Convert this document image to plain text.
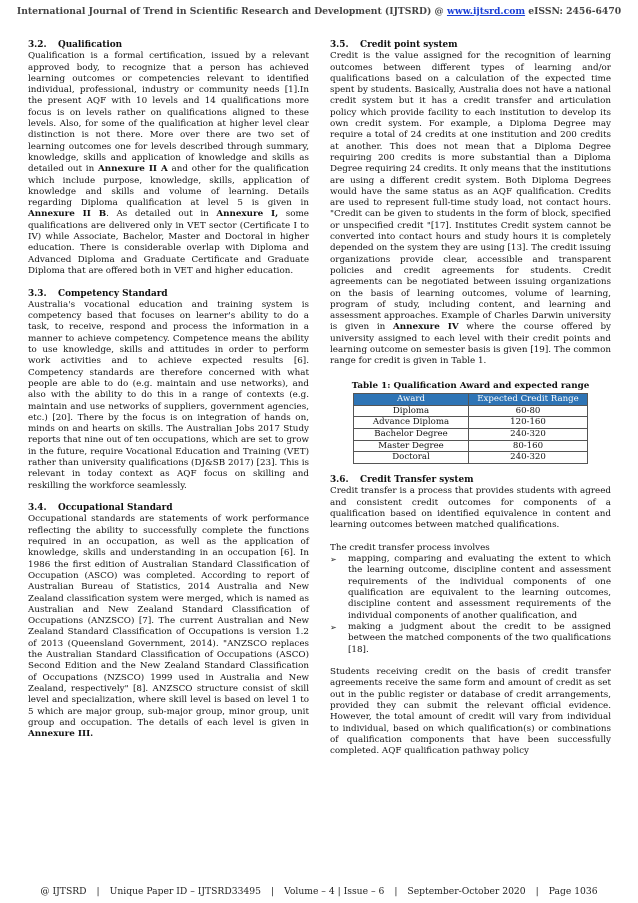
International Journal of Trend in Scientific Research and Development (IJTSRD) @ www.ijtsrd.com eISSN: 2456-6470
3.2. Qualification

Qualification is a formal certification, issued by a relevant approved body, to recognize that a person has achieved learning outcomes or competencies relevant to identified individual, professional, industry or community needs [1].In the present AQF with 10 levels and 14 qualifications more focus is on levels rather on qualifications aligned to these levels. Also, for some of the qualification at higher level clear distinction is not there. More over there are two set of learning outcomes one for levels described through summary, knowledge, skills and application of knowledge and skills as detailed out in Annexure II A and other for the qualification which include purpose, knowledge, skills, application of knowledge and skills and volume of learning. Details regarding Diploma qualification at level 5 is given in Annexure II B. As detailed out in Annexure I, some qualifications are delivered only in VET sector (Certificate I to IV) while Associate, Bachelor, Master and Doctoral in higher education. There is considerable overlap with Diploma and Advanced Diploma and Graduate Certificate and Graduate Diploma that are offered both in VET and higher education.

3.3. Competency Standard

Australia's vocational education and training system is competency based that focuses on learner's ability to do a task, to receive, respond and process the information in a manner to achieve competency. Competence means the ability to use knowledge, skills and attitudes in order to perform work activities and to achieve expected results [6]. Competency standards are therefore concerned with what people are able to do (e.g. maintain and use networks), and also with the ability to do this in a range of contexts (e.g. maintain and use networks of suppliers, government agencies, etc.) [20]. There by the focus is on integration of hands on, minds on and hearts on skills. The Australian Jobs 2017 Study reports that nine out of ten occupations, which are set to grow in the future, require Vocational Education and Training (VET) rather than university qualifications (DJ&SB 2017) [23]. This is relevant in today context as AQF focus on skilling and reskilling the workforce seamlessly.

3.4. Occupational Standard

Occupational standards are statements of work performance reflecting the ability to successfully complete the functions required in an occupation, as well as the application of knowledge, skills and understanding in an occupation [6]. In 1986 the first edition of Australian Standard Classification of Occupation (ASCO) was completed. According to report of Australian Bureau of Statistics, 2014 Australia and New Zealand classification system were merged, which is named as Australian and New Zealand Standard Classification of Occupations (ANZSCO) [7]. The current Australian and New Zealand Standard Classification of Occupations is version 1.2 of 2013 (Queensland Government, 2014). "ANZSCO replaces the Australian Standard Classification of Occupations (ASCO) Second Edition and the New Zealand Standard Classification of Occupations (NZSCO) 1999 used in Australia and New Zealand, respectively" [8]. ANZSCO structure consist of skill level and specialization, where skill level is based on level 1 to 5 which are major group, sub-major group, minor group, unit group and occupation. The details of each level is given in Annexure III.

3.5. Credit point system

Credit is the value assigned for the recognition of learning outcomes between different types of learning and/or qualifications based on a calculation of the expected time spent by students. Basically, Australia does not have a national credit system but it has a credit transfer and articulation policy which provide facility to each institution to develop its own credit system. For example, a Diploma Degree may require a total of 24 credits at one institution and 200 credits at another. This does not mean that a Diploma Degree requiring 200 credits is more substantial than a Diploma Degree requiring 24 credits. It only means that the institutions are using a different credit system. Both Diploma Degrees would have the same status as an AQF qualification. Credits are used to represent full-time study load, not contact hours. "Credit can be given to students in the form of block, specified or unspecified credit "[17]. Institutes Credit system cannot be converted into contact hours and study hours it is completely depended on the system they are using [13]. The credit issuing organizations provide clear, accessible and transparent policies and credit agreements for students. Credit agreements can be negotiated between issuing organizations on the basis of learning outcomes, volume of learning, program of study, including content, and learning and assessment approaches. Example of Charles Darwin university is given in Annexure IV where the course offered by university assigned to each level with their credit points and learning outcome on semester basis is given [19]. The common range for credit is given in Table 1.

Table 1: Qualification Award and expected range
Award	Expected Credit Range
Diploma	60-80
Advance Diploma	120-160
Bachelor Degree	240-320
Master Degree	80-160
Doctoral	240-320
3.6. Credit Transfer system

Credit transfer is a process that provides students with agreed and consistent credit outcomes for components of a qualification based on identified equivalence in content and learning outcomes between matched qualifications.

The credit transfer process involves

➢ mapping, comparing and evaluating the extent to which the learning outcome, discipline content and assessment requirements of the individual components of one qualification are equivalent to the learning outcomes, discipline content and assessment requirements of the individual components of another qualification, and
➢ making a judgment about the credit to be assigned between the matched components of the two qualifications [18].

Students receiving credit on the basis of credit transfer agreements receive the same form and amount of credit as set out in the public register or database of credit arrangements, provided they can submit the relevant official evidence. However, the total amount of credit will vary from individual to individual, based on which qualification(s) or combinations of qualification components that have been successfully completed. AQF qualification pathway policy

@ IJTSRD | Unique Paper ID – IJTSRD33495 | Volume – 4 | Issue – 6 | September-October 2020 | Page 1036
